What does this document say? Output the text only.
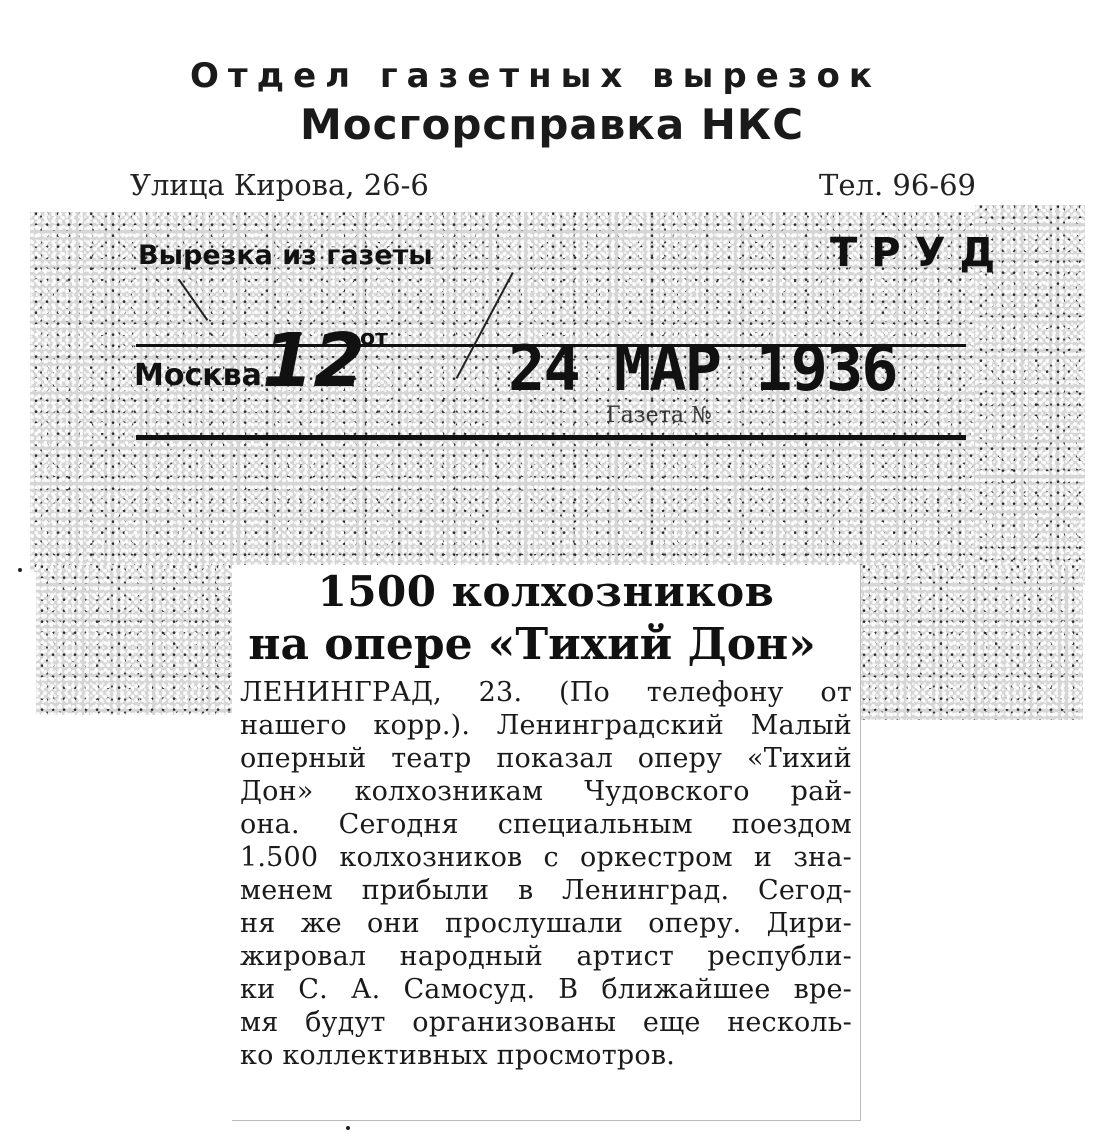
Отдел газетных вырезок
Мосгорсправка НКС
Улица Кирова, 26-6	Тел. 96-69
Вырезка из газеты	ТРУД
Москва 12
от 24 МАР 1936
Газета №
1500 колхозников
на опере «Тихий Дон»
ЛЕНИНГРАД, 23. (По телефону от
нашего корр.). Ленинградский Малый
оперный театр показал оперу «Тихий
Дон» колхозникам Чудовского рай-
она. Сегодня специальным поездом
1.500 колхозников с оркестром и зна-
менем прибыли в Ленинград. Сегод-
ня же они прослушали оперу. Дири-
жировал народный артист республи-
ки С. А. Самосуд. В ближайшее вре-
мя будут организованы еще несколь-
ко коллективных просмотров.
